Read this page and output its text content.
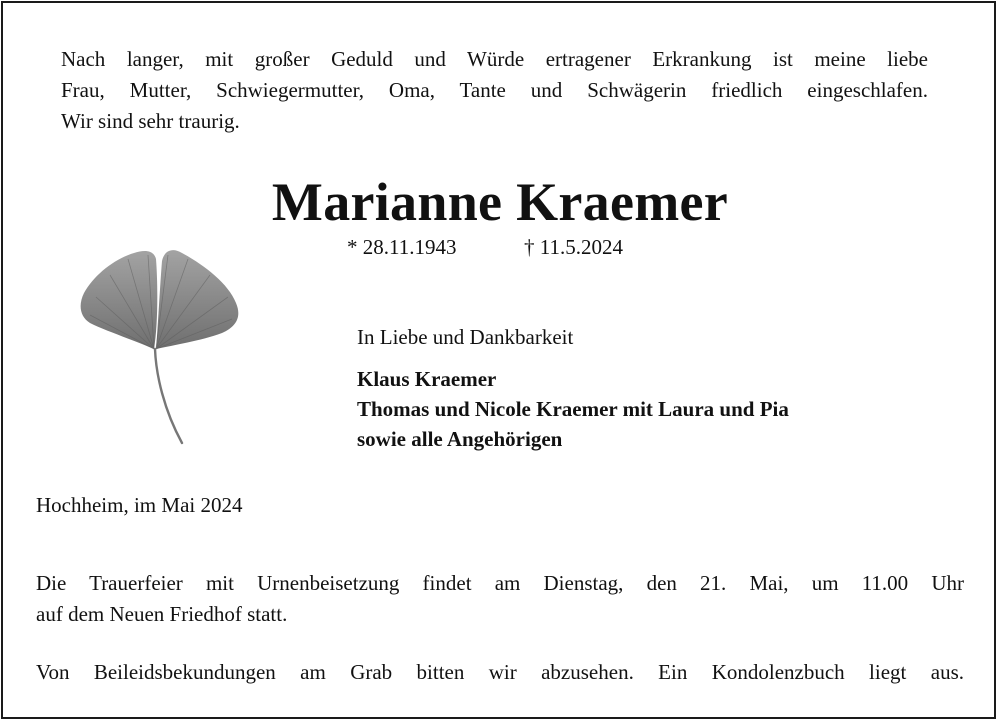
Nach langer, mit großer Geduld und Würde ertragener Erkrankung ist meine liebe
Frau, Mutter, Schwiegermutter, Oma, Tante und Schwägerin friedlich eingeschlafen.
Wir sind sehr traurig.

Marianne Kraemer
* 28.11.1943	† 11.5.2024
In Liebe und Dankbarkeit
Klaus Kraemer
Thomas und Nicole Kraemer mit Laura und Pia
sowie alle Angehörigen
Hochheim, im Mai 2024
Die Trauerfeier mit Urnenbeisetzung findet am Dienstag, den 21. Mai, um 11.00 Uhr
auf dem Neuen Friedhof statt.
Von Beileidsbekundungen am Grab bitten wir abzusehen. Ein Kondolenzbuch liegt aus.
